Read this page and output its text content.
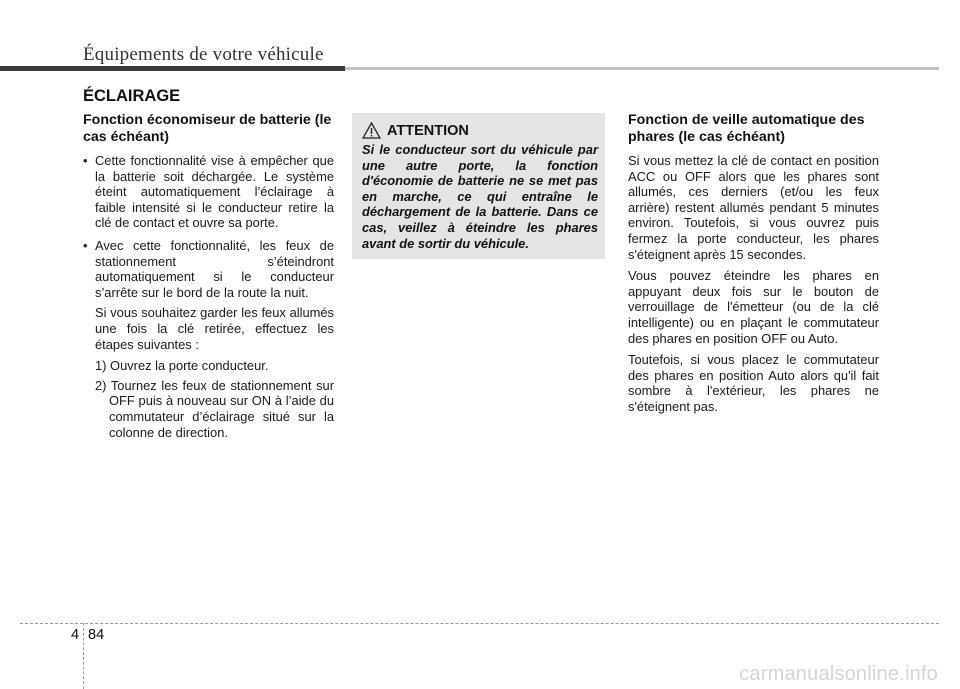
Équipements de votre véhicule
ÉCLAIRAGE
Fonction économiseur de batterie (le cas échéant)
• Cette fonctionnalité vise à empêcher que la batterie soit déchargée. Le système éteint automatiquement l’éclairage à faible intensité si le conducteur retire la clé de contact et ouvre sa porte.
• Avec cette fonctionnalité, les feux de stationnement s’éteindront automatiquement si le conducteur s’arrête sur le bord de la route la nuit.
Si vous souhaitez garder les feux allumés une fois la clé retirée, effectuez les étapes suivantes :
1) Ouvrez la porte conducteur.
2) Tournez les feux de stationnement sur OFF puis à nouveau sur ON à l’aide du commutateur d’éclairage situé sur la colonne de direction.
ATTENTION
Si le conducteur sort du véhicule par une autre porte, la fonction d'économie de batterie ne se met pas en marche, ce qui entraîne le déchargement de la batterie. Dans ce cas, veillez à éteindre les phares avant de sortir du véhicule.
Fonction de veille automatique des phares (le cas échéant)
Si vous mettez la clé de contact en position ACC ou OFF alors que les phares sont allumés, ces derniers (et/ou les feux arrière) restent allumés pendant 5 minutes environ. Toutefois, si vous ouvrez puis fermez la porte conducteur, les phares s'éteignent après 15 secondes.
Vous pouvez éteindre les phares en appuyant deux fois sur le bouton de verrouillage de l'émetteur (ou de la clé intelligente) ou en plaçant le commutateur des phares en position OFF ou Auto.
Toutefois, si vous placez le commutateur des phares en position Auto alors qu'il fait sombre à l'extérieur, les phares ne s'éteignent pas.
4 84
carmanualsonline.info
